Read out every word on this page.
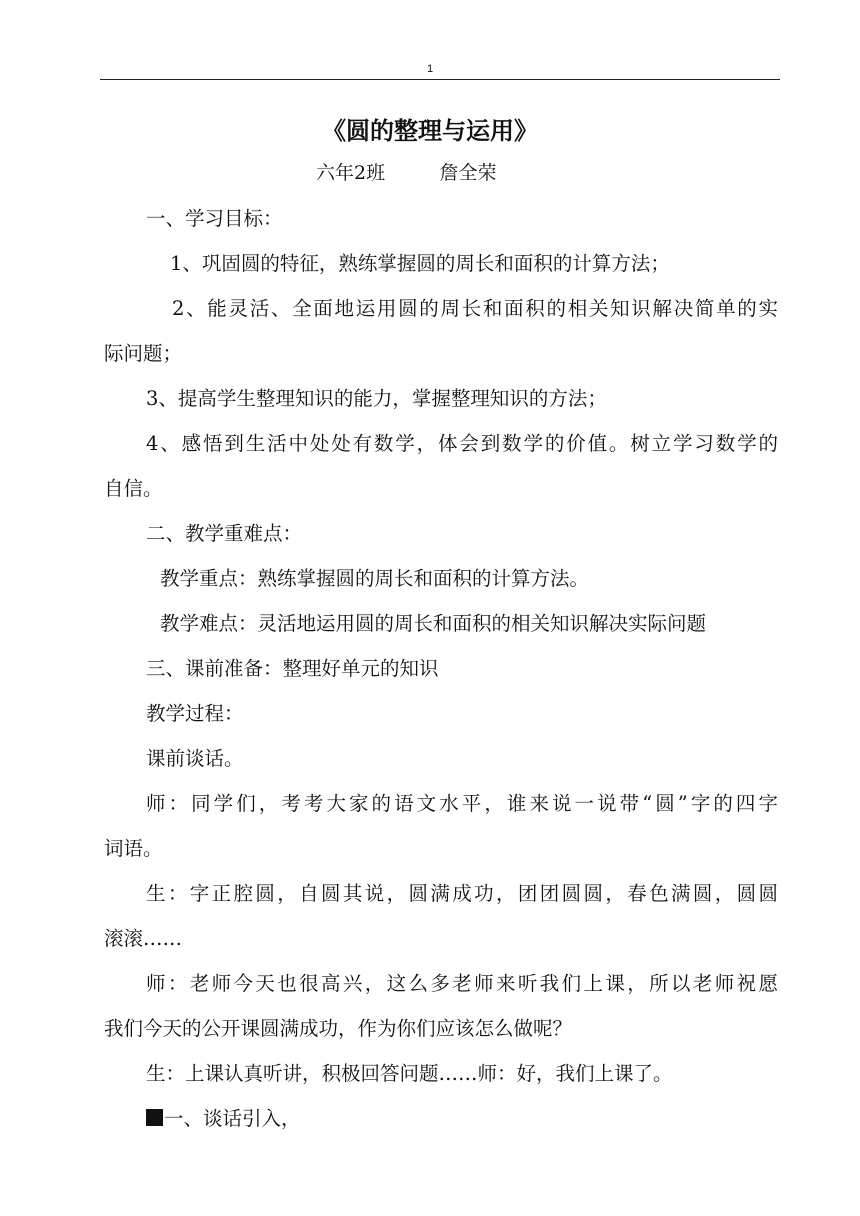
1
《圆的整理与运用》
六年2班	詹全荣
一、学习目标：
1、巩固圆的特征，熟练掌握圆的周长和面积的计算方法；
2、能灵活、全面地运用圆的周长和面积的相关知识解决简单的实
际问题；
3、提高学生整理知识的能力，掌握整理知识的方法；
4、感悟到生活中处处有数学，体会到数学的价值。树立学习数学的
自信。
二、教学重难点：
教学重点：熟练掌握圆的周长和面积的计算方法。
教学难点：灵活地运用圆的周长和面积的相关知识解决实际问题
三、课前准备：整理好单元的知识
教学过程：
课前谈话。
师：同学们，考考大家的语文水平，谁来说一说带“圆”字的四字
词语。
生：字正腔圆，自圆其说，圆满成功，团团圆圆，春色满圆，圆圆
滚滚……
师：老师今天也很高兴，这么多老师来听我们上课，所以老师祝愿
我们今天的公开课圆满成功，作为你们应该怎么做呢？
生：上课认真听讲，积极回答问题……师：好，我们上课了。
一、谈话引入，
